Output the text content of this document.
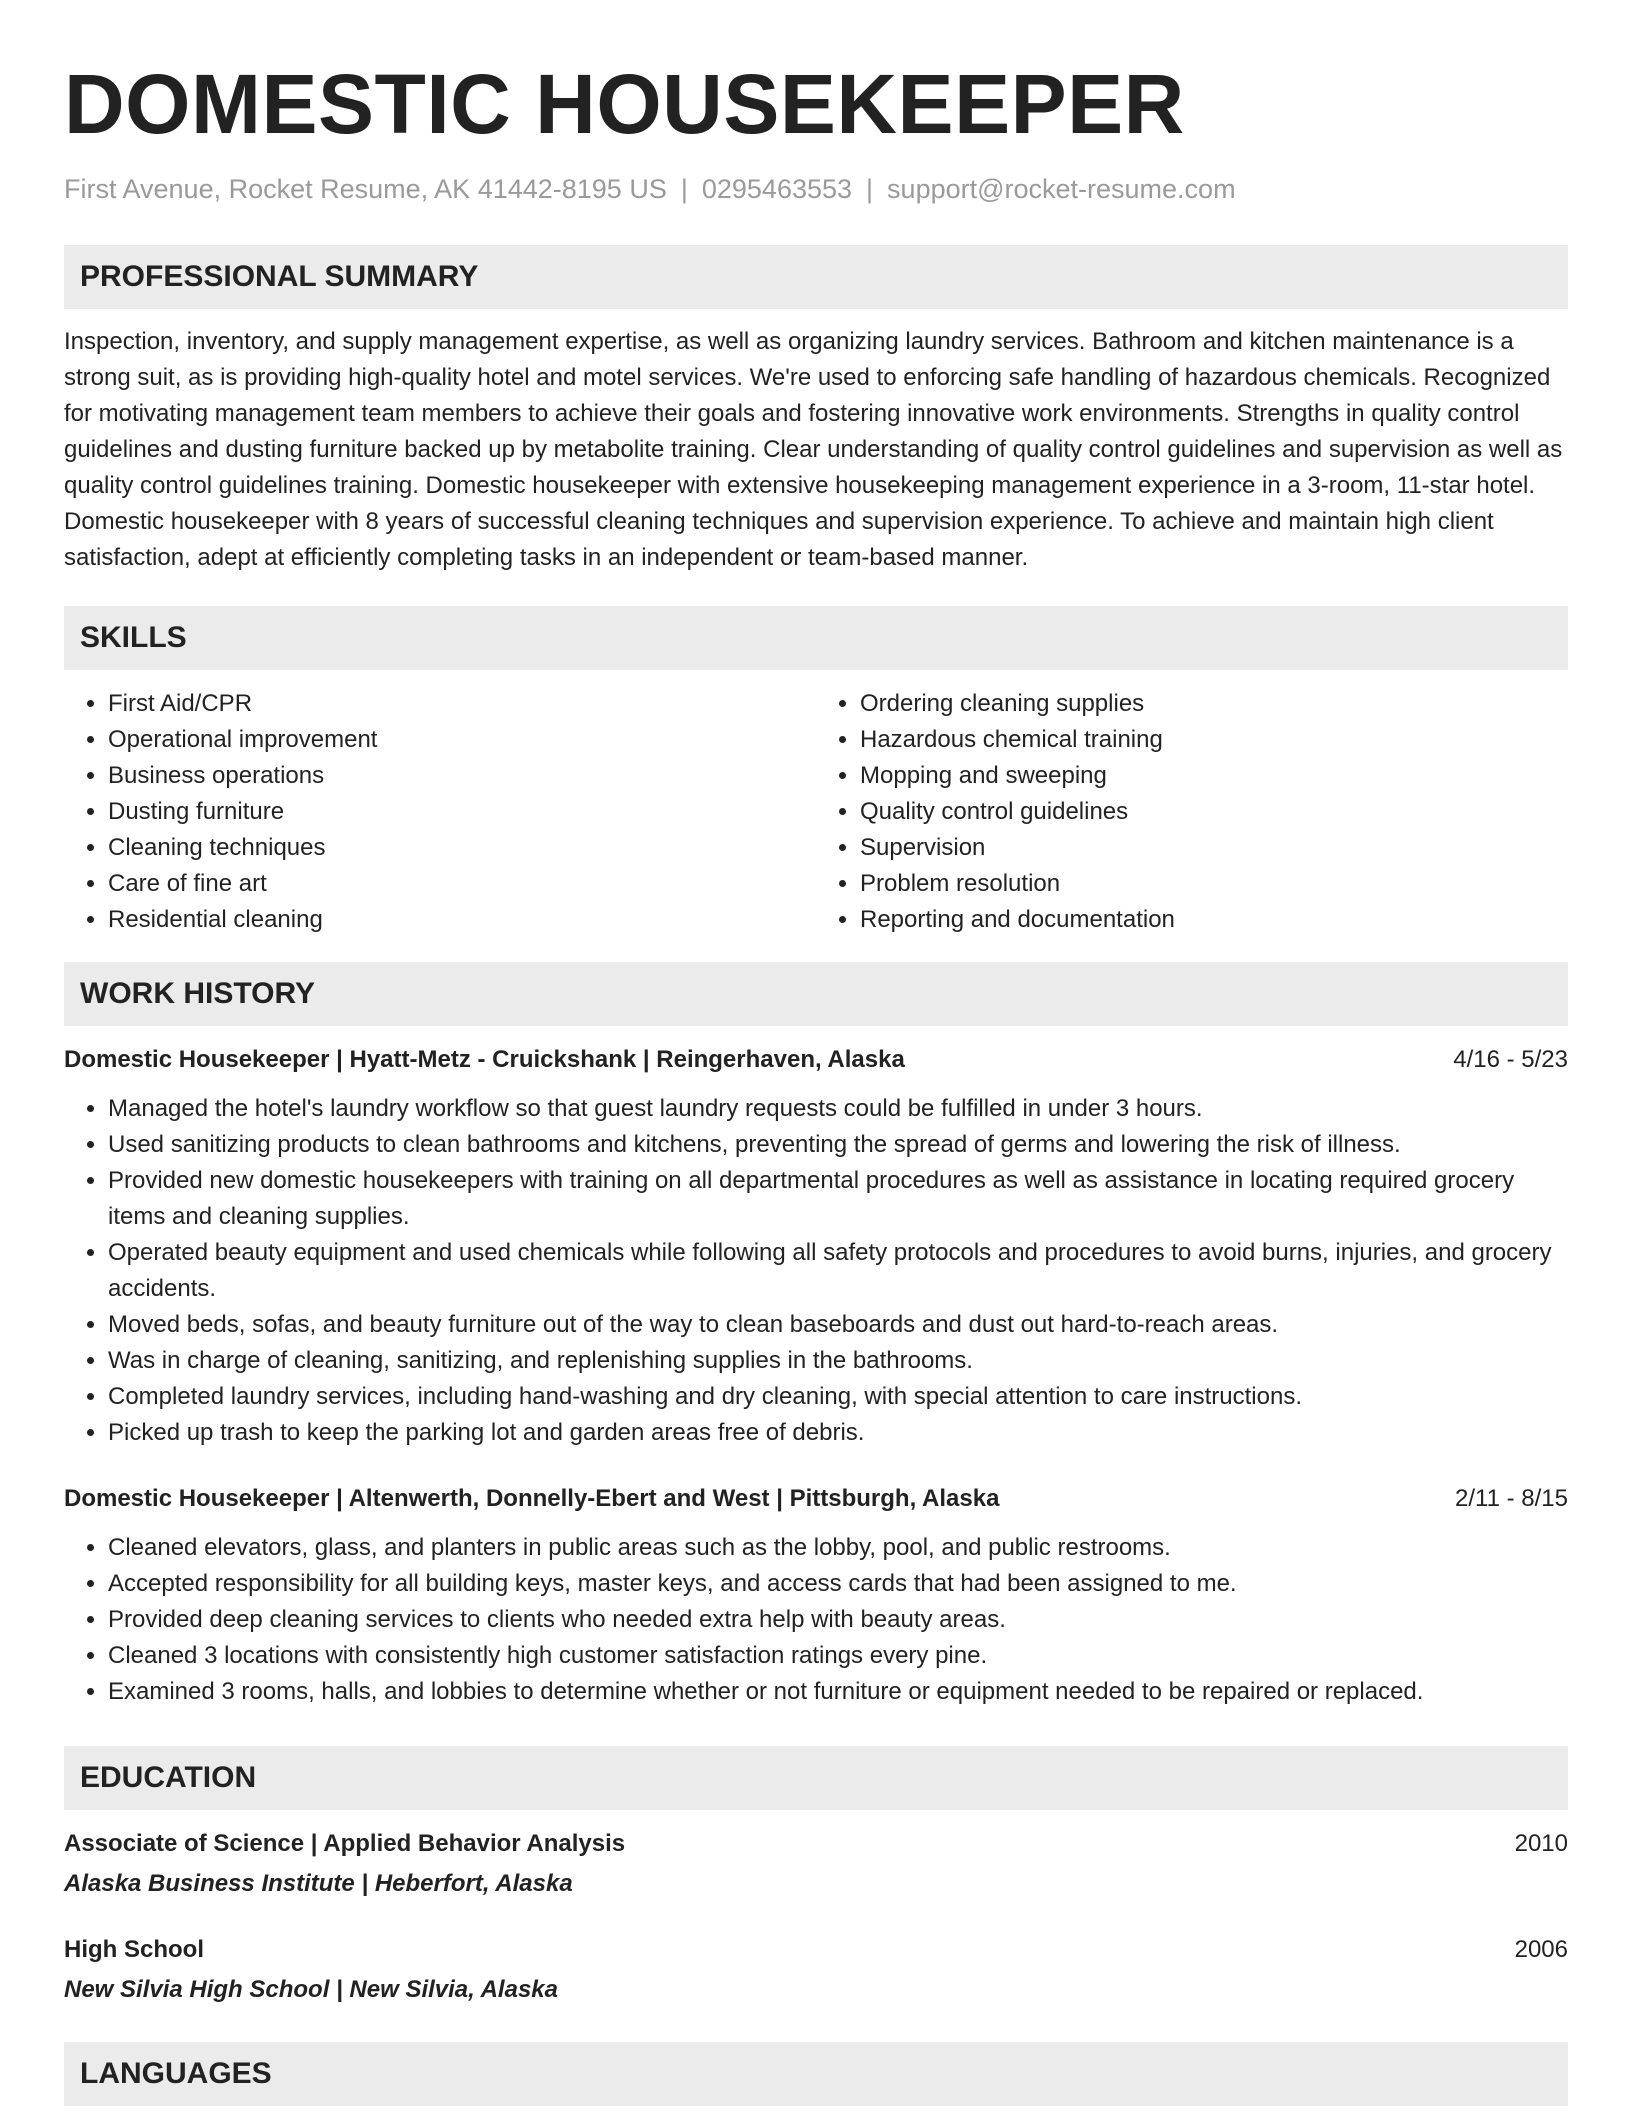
DOMESTIC HOUSEKEEPER
First Avenue, Rocket Resume, AK 41442-8195 US | 0295463553 | support@rocket-resume.com
PROFESSIONAL SUMMARY

Inspection, inventory, and supply management expertise, as well as organizing laundry services. Bathroom and kitchen maintenance is a strong suit, as is providing high-quality hotel and motel services. We're used to enforcing safe handling of hazardous chemicals. Recognized for motivating management team members to achieve their goals and fostering innovative work environments. Strengths in quality control guidelines and dusting furniture backed up by metabolite training. Clear understanding of quality control guidelines and supervision as well as quality control guidelines training. Domestic housekeeper with extensive housekeeping management experience in a 3-room, 11-star hotel. Domestic housekeeper with 8 years of successful cleaning techniques and supervision experience. To achieve and maintain high client satisfaction, adept at efficiently completing tasks in an independent or team-based manner.

SKILLS
• First Aid/CPR
• Operational improvement
• Business operations
• Dusting furniture
• Cleaning techniques
• Care of fine art
• Residential cleaning
• Ordering cleaning supplies
• Hazardous chemical training
• Mopping and sweeping
• Quality control guidelines
• Supervision
• Problem resolution
• Reporting and documentation
WORK HISTORY
Domestic Housekeeper | Hyatt-Metz - Cruickshank | Reingerhaven, Alaska	4/16 - 5/23
• Managed the hotel's laundry workflow so that guest laundry requests could be fulfilled in under 3 hours.
• Used sanitizing products to clean bathrooms and kitchens, preventing the spread of germs and lowering the risk of illness.
• Provided new domestic housekeepers with training on all departmental procedures as well as assistance in locating required grocery items and cleaning supplies.
• Operated beauty equipment and used chemicals while following all safety protocols and procedures to avoid burns, injuries, and grocery accidents.
• Moved beds, sofas, and beauty furniture out of the way to clean baseboards and dust out hard-to-reach areas.
• Was in charge of cleaning, sanitizing, and replenishing supplies in the bathrooms.
• Completed laundry services, including hand-washing and dry cleaning, with special attention to care instructions.
• Picked up trash to keep the parking lot and garden areas free of debris.
Domestic Housekeeper | Altenwerth, Donnelly-Ebert and West | Pittsburgh, Alaska	2/11 - 8/15
• Cleaned elevators, glass, and planters in public areas such as the lobby, pool, and public restrooms.
• Accepted responsibility for all building keys, master keys, and access cards that had been assigned to me.
• Provided deep cleaning services to clients who needed extra help with beauty areas.
• Cleaned 3 locations with consistently high customer satisfaction ratings every pine.
• Examined 3 rooms, halls, and lobbies to determine whether or not furniture or equipment needed to be repaired or replaced.
EDUCATION
Associate of Science | Applied Behavior Analysis	2010
Alaska Business Institute | Heberfort, Alaska
High School	2006
New Silvia High School | New Silvia, Alaska
LANGUAGES
